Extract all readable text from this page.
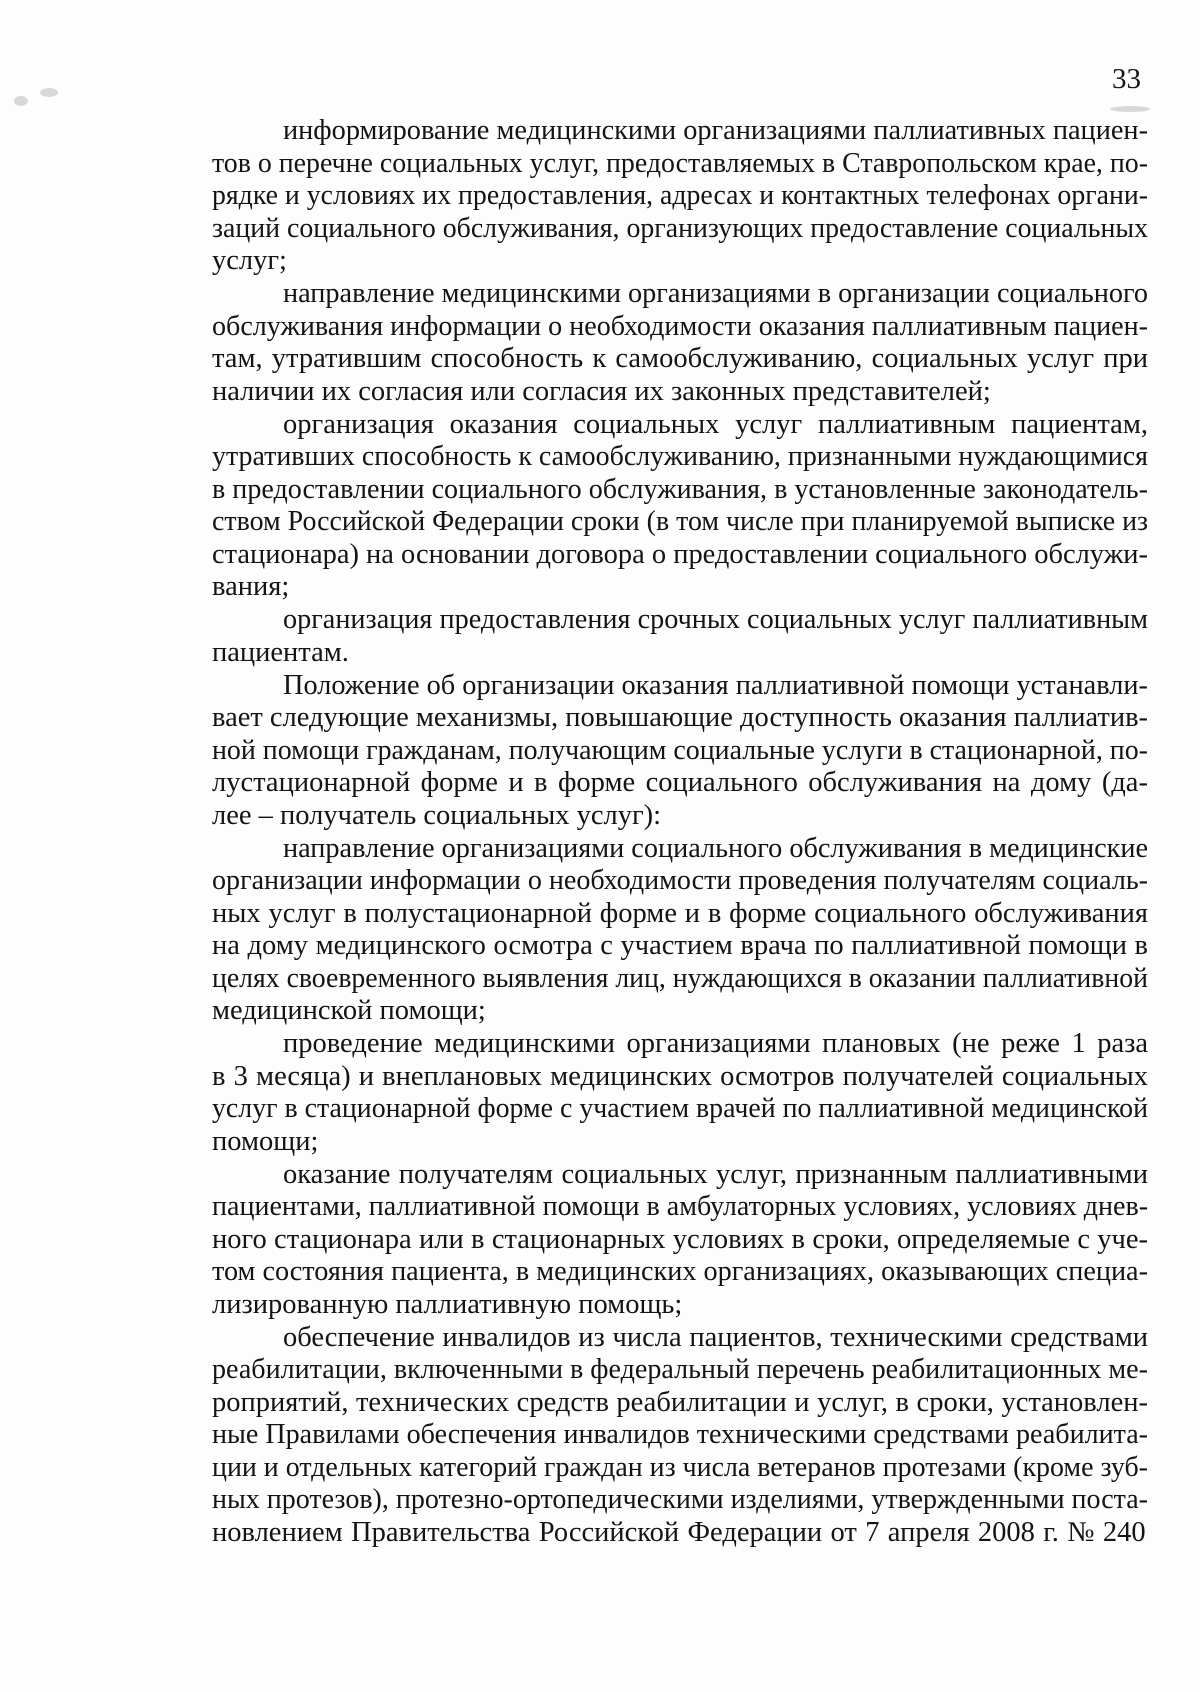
33
информирование медицинскими организациями паллиативных пациен-
тов о перечне социальных услуг, предоставляемых в Ставропольском крае, по-
рядке и условиях их предоставления, адресах и контактных телефонах органи-
заций социального обслуживания, организующих предоставление социальных
услуг;
направление медицинскими организациями в организации социального
обслуживания информации о необходимости оказания паллиативным пациен-
там, утратившим способность к самообслуживанию, социальных услуг при
наличии их согласия или согласия их законных представителей;
организация оказания социальных услуг паллиативным пациентам,
утративших способность к самообслуживанию, признанными нуждающимися
в предоставлении социального обслуживания, в установленные законодатель-
ством Российской Федерации сроки (в том числе при планируемой выписке из
стационара) на основании договора о предоставлении социального обслужи-
вания;
организация предоставления срочных социальных услуг паллиативным
пациентам.
Положение об организации оказания паллиативной помощи устанавли-
вает следующие механизмы, повышающие доступность оказания паллиатив-
ной помощи гражданам, получающим социальные услуги в стационарной, по-
лустационарной форме и в форме социального обслуживания на дому (да-
лее – получатель социальных услуг):
направление организациями социального обслуживания в медицинские
организации информации о необходимости проведения получателям социаль-
ных услуг в полустационарной форме и в форме социального обслуживания
на дому медицинского осмотра с участием врача по паллиативной помощи в
целях своевременного выявления лиц, нуждающихся в оказании паллиативной
медицинской помощи;
проведение медицинскими организациями плановых (не реже 1 раза
в 3 месяца) и внеплановых медицинских осмотров получателей социальных
услуг в стационарной форме с участием врачей по паллиативной медицинской
помощи;
оказание получателям социальных услуг, признанным паллиативными
пациентами, паллиативной помощи в амбулаторных условиях, условиях днев-
ного стационара или в стационарных условиях в сроки, определяемые с уче-
том состояния пациента, в медицинских организациях, оказывающих специа-
лизированную паллиативную помощь;
обеспечение инвалидов из числа пациентов, техническими средствами
реабилитации, включенными в федеральный перечень реабилитационных ме-
роприятий, технических средств реабилитации и услуг, в сроки, установлен-
ные Правилами обеспечения инвалидов техническими средствами реабилита-
ции и отдельных категорий граждан из числа ветеранов протезами (кроме зуб-
ных протезов), протезно-ортопедическими изделиями, утвержденными поста-
новлением Правительства Российской Федерации от 7 апреля 2008 г. № 240
